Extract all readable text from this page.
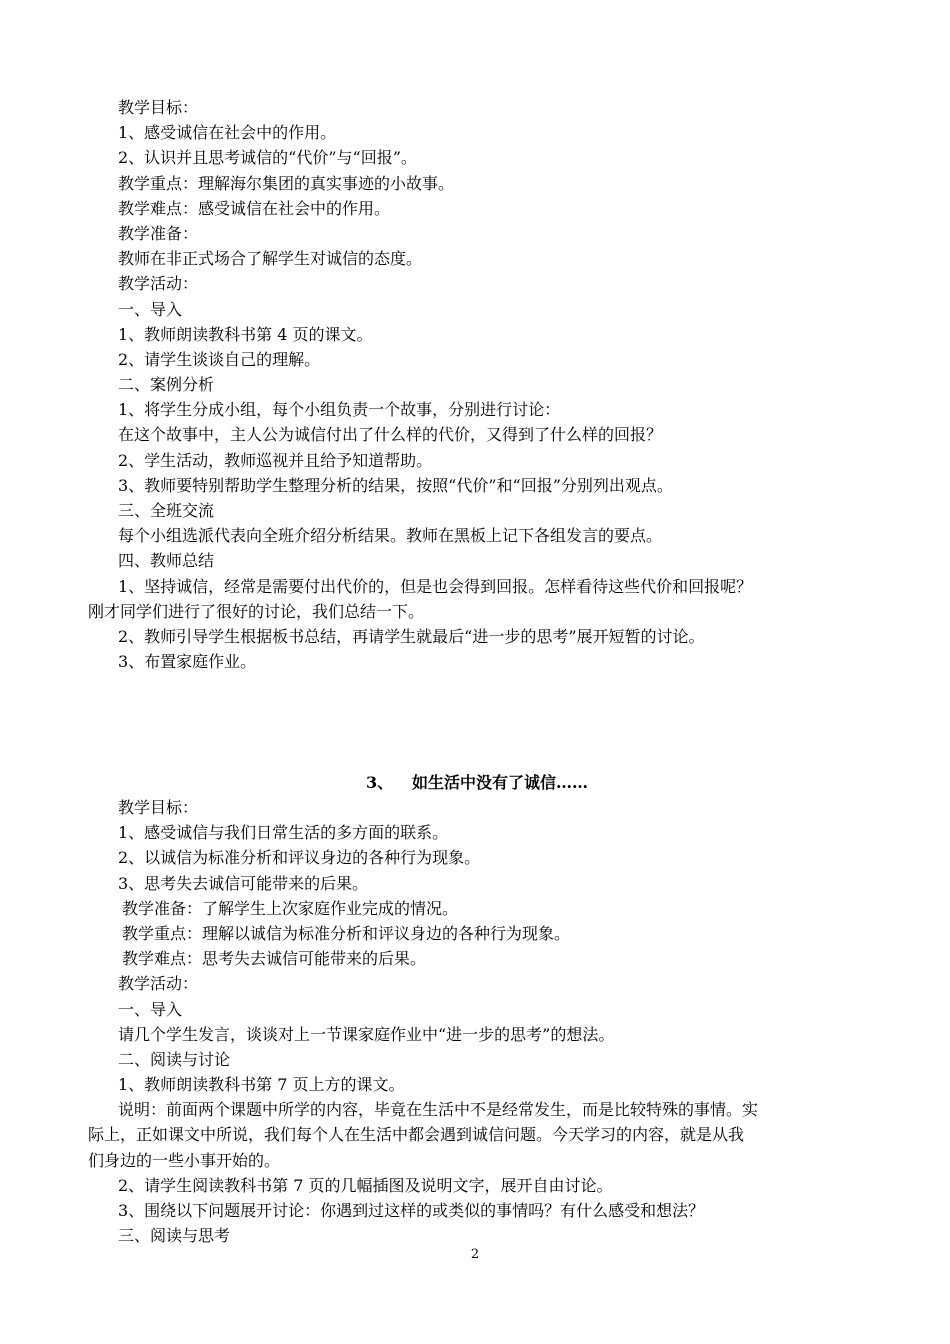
教学目标：
1、感受诚信在社会中的作用。
2、认识并且思考诚信的“代价”与“回报”。
教学重点：理解海尔集团的真实事迹的小故事。
教学难点：感受诚信在社会中的作用。
教学准备：
教师在非正式场合了解学生对诚信的态度。
教学活动：
一、导入
1、教师朗读教科书第 4 页的课文。
2、请学生谈谈自己的理解。
二、案例分析
1、将学生分成小组，每个小组负责一个故事，分别进行讨论：
在这个故事中，主人公为诚信付出了什么样的代价，又得到了什么样的回报？
2、学生活动，教师巡视并且给予知道帮助。
3、教师要特别帮助学生整理分析的结果，按照“代价”和“回报”分别列出观点。
三、全班交流
每个小组选派代表向全班介绍分析结果。教师在黑板上记下各组发言的要点。
四、教师总结
1、坚持诚信，经常是需要付出代价的，但是也会得到回报。怎样看待这些代价和回报呢？
刚才同学们进行了很好的讨论，我们总结一下。
2、教师引导学生根据板书总结，再请学生就最后“进一步的思考”展开短暂的讨论。
3、布置家庭作业。
3、 如生活中没有了诚信……
教学目标：
1、感受诚信与我们日常生活的多方面的联系。
2、以诚信为标准分析和评议身边的各种行为现象。
3、思考失去诚信可能带来的后果。
教学准备：了解学生上次家庭作业完成的情况。
教学重点：理解以诚信为标准分析和评议身边的各种行为现象。
教学难点：思考失去诚信可能带来的后果。
教学活动：
一、导入
请几个学生发言，谈谈对上一节课家庭作业中“进一步的思考”的想法。
二、阅读与讨论
1、教师朗读教科书第 7 页上方的课文。
说明：前面两个课题中所学的内容，毕竟在生活中不是经常发生，而是比较特殊的事情。实
际上，正如课文中所说，我们每个人在生活中都会遇到诚信问题。今天学习的内容，就是从我
们身边的一些小事开始的。
2、请学生阅读教科书第 7 页的几幅插图及说明文字，展开自由讨论。
3、围绕以下问题展开讨论：你遇到过这样的或类似的事情吗？有什么感受和想法？
三、阅读与思考
2
